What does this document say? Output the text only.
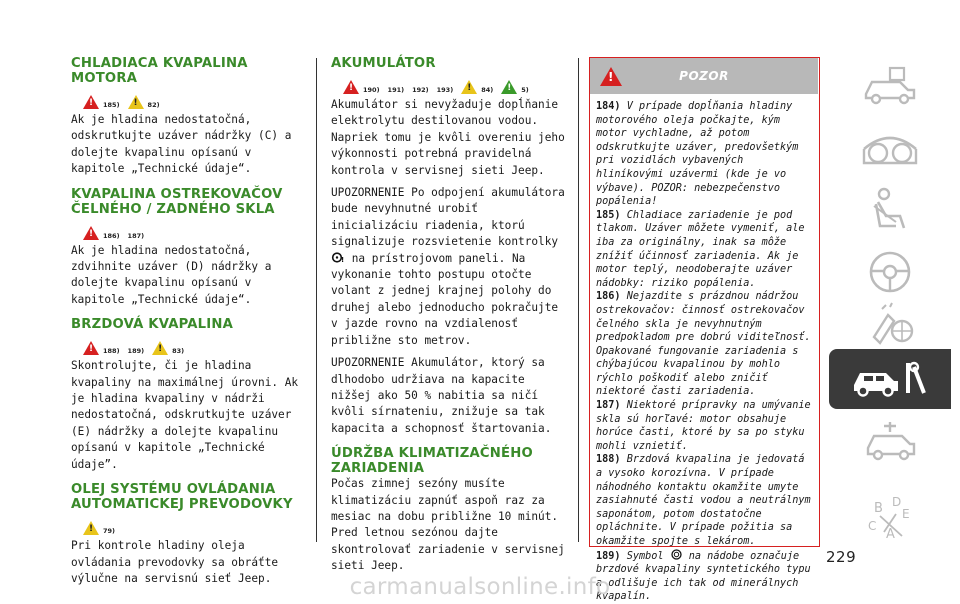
CHLADIACA KVAPALINA
MOTORA
!
185) !	82)

Ak je hladina nedostatočná, odskrutkujte uzáver nádržky (C) a dolejte kvapalinu opísanú v kapitole „Technické údaje“.

KVAPALINA OSTREKOVAČOV
ČELNÉHO / ZADNÉHO SKLA
!
186) 187)

Ak je hladina nedostatočná, zdvihnite uzáver (D) nádržky a dolejte kvapalinu opísanú v kapitole „Technické údaje“.

BRZDOVÁ KVAPALINA
!
188) 189) !	83)

Skontrolujte, či je hladina kvapaliny na maximálnej úrovni. Ak je hladina kvapaliny v nádrži nedostatočná, odskrutkujte uzáver (E) nádržky a dolejte kvapalinu opísanú v kapitole „Technické údaje”.

OLEJ SYSTÉMU OVLÁDANIA
AUTOMATICKEJ PREVODOVKY
!
79)

Pri kontrole hladiny oleja ovládania prevodovky sa obráťte výlučne na servisnú sieť Jeep.

AKUMULÁTOR
!
190) 191) 192) 193) !	84) !	5)

Akumulátor si nevyžaduje dopĺňanie elektrolytu destilovanou vodou. Napriek tomu je kvôli overeniu jeho výkonnosti potrebná pravidelná kontrola v servisnej sieti Jeep.

UPOZORNENIE Po odpojení akumulátora bude nevyhnutné urobiť inicializáciu riadenia, ktorú signalizuje rozsvietenie kontrolky
! na prístrojovom paneli. Na vykonanie tohto postupu otočte volant z jednej krajnej polohy do druhej alebo jednoducho pokračujte v jazde rovno na vzdialenosť približne sto metrov.

UPOZORNENIE Akumulátor, ktorý sa dlhodobo udržiava na kapacite nižšej ako 50 % nabitia sa ničí kvôli sírnateniu, znižuje sa tak kapacita a schopnosť štartovania.

ÚDRŽBA KLIMATIZAČNÉHO
ZARIADENIA

Počas zimnej sezóny musíte klimatizáciu zapnúť aspoň raz za mesiac na dobu približne 10 minút. Pred letnou sezónou dajte skontrolovať zariadenie v servisnej sieti Jeep.

!
POZOR
184) V prípade dopĺňania hladiny motorového oleja počkajte, kým motor vychladne, až potom odskrutkujte uzáver, predovšetkým pri vozidlách vybavených hliníkovými uzávermi (kde je vo výbave). POZOR: nebezpečenstvo popálenia!
185) Chladiace zariadenie je pod tlakom. Uzáver môžete vymeniť, ale iba za originálny, inak sa môže znížiť účinnosť zariadenia. Ak je motor teplý, neodoberajte uzáver nádobky: riziko popálenia.
186) Nejazdite s prázdnou nádržou ostrekovačov: činnosť ostrekovačov čelného skla je nevyhnutným predpokladom pre dobrú viditeľnosť. Opakované fungovanie zariadenia s chýbajúcou kvapalinou by mohlo rýchlo poškodiť alebo zničiť niektoré časti zariadenia.
187) Niektoré prípravky na umývanie skla sú horľavé: motor obsahuje horúce časti, ktoré by sa po styku mohli vznietiť.
188) Brzdová kvapalina je jedovatá a vysoko korozívna. V prípade náhodného kontaktu okamžite umyte zasiahnuté časti vodou a neutrálnym saponátom, potom dostatočne opláchnite. V prípade požitia sa okamžite spojte s lekárom.
189) Symbol na nádobe označuje brzdové kvapaliny syntetického typu a odlišuje ich tak od minerálnych kvapalín.
B D
E
C
A
229
carmanualsonline.info
